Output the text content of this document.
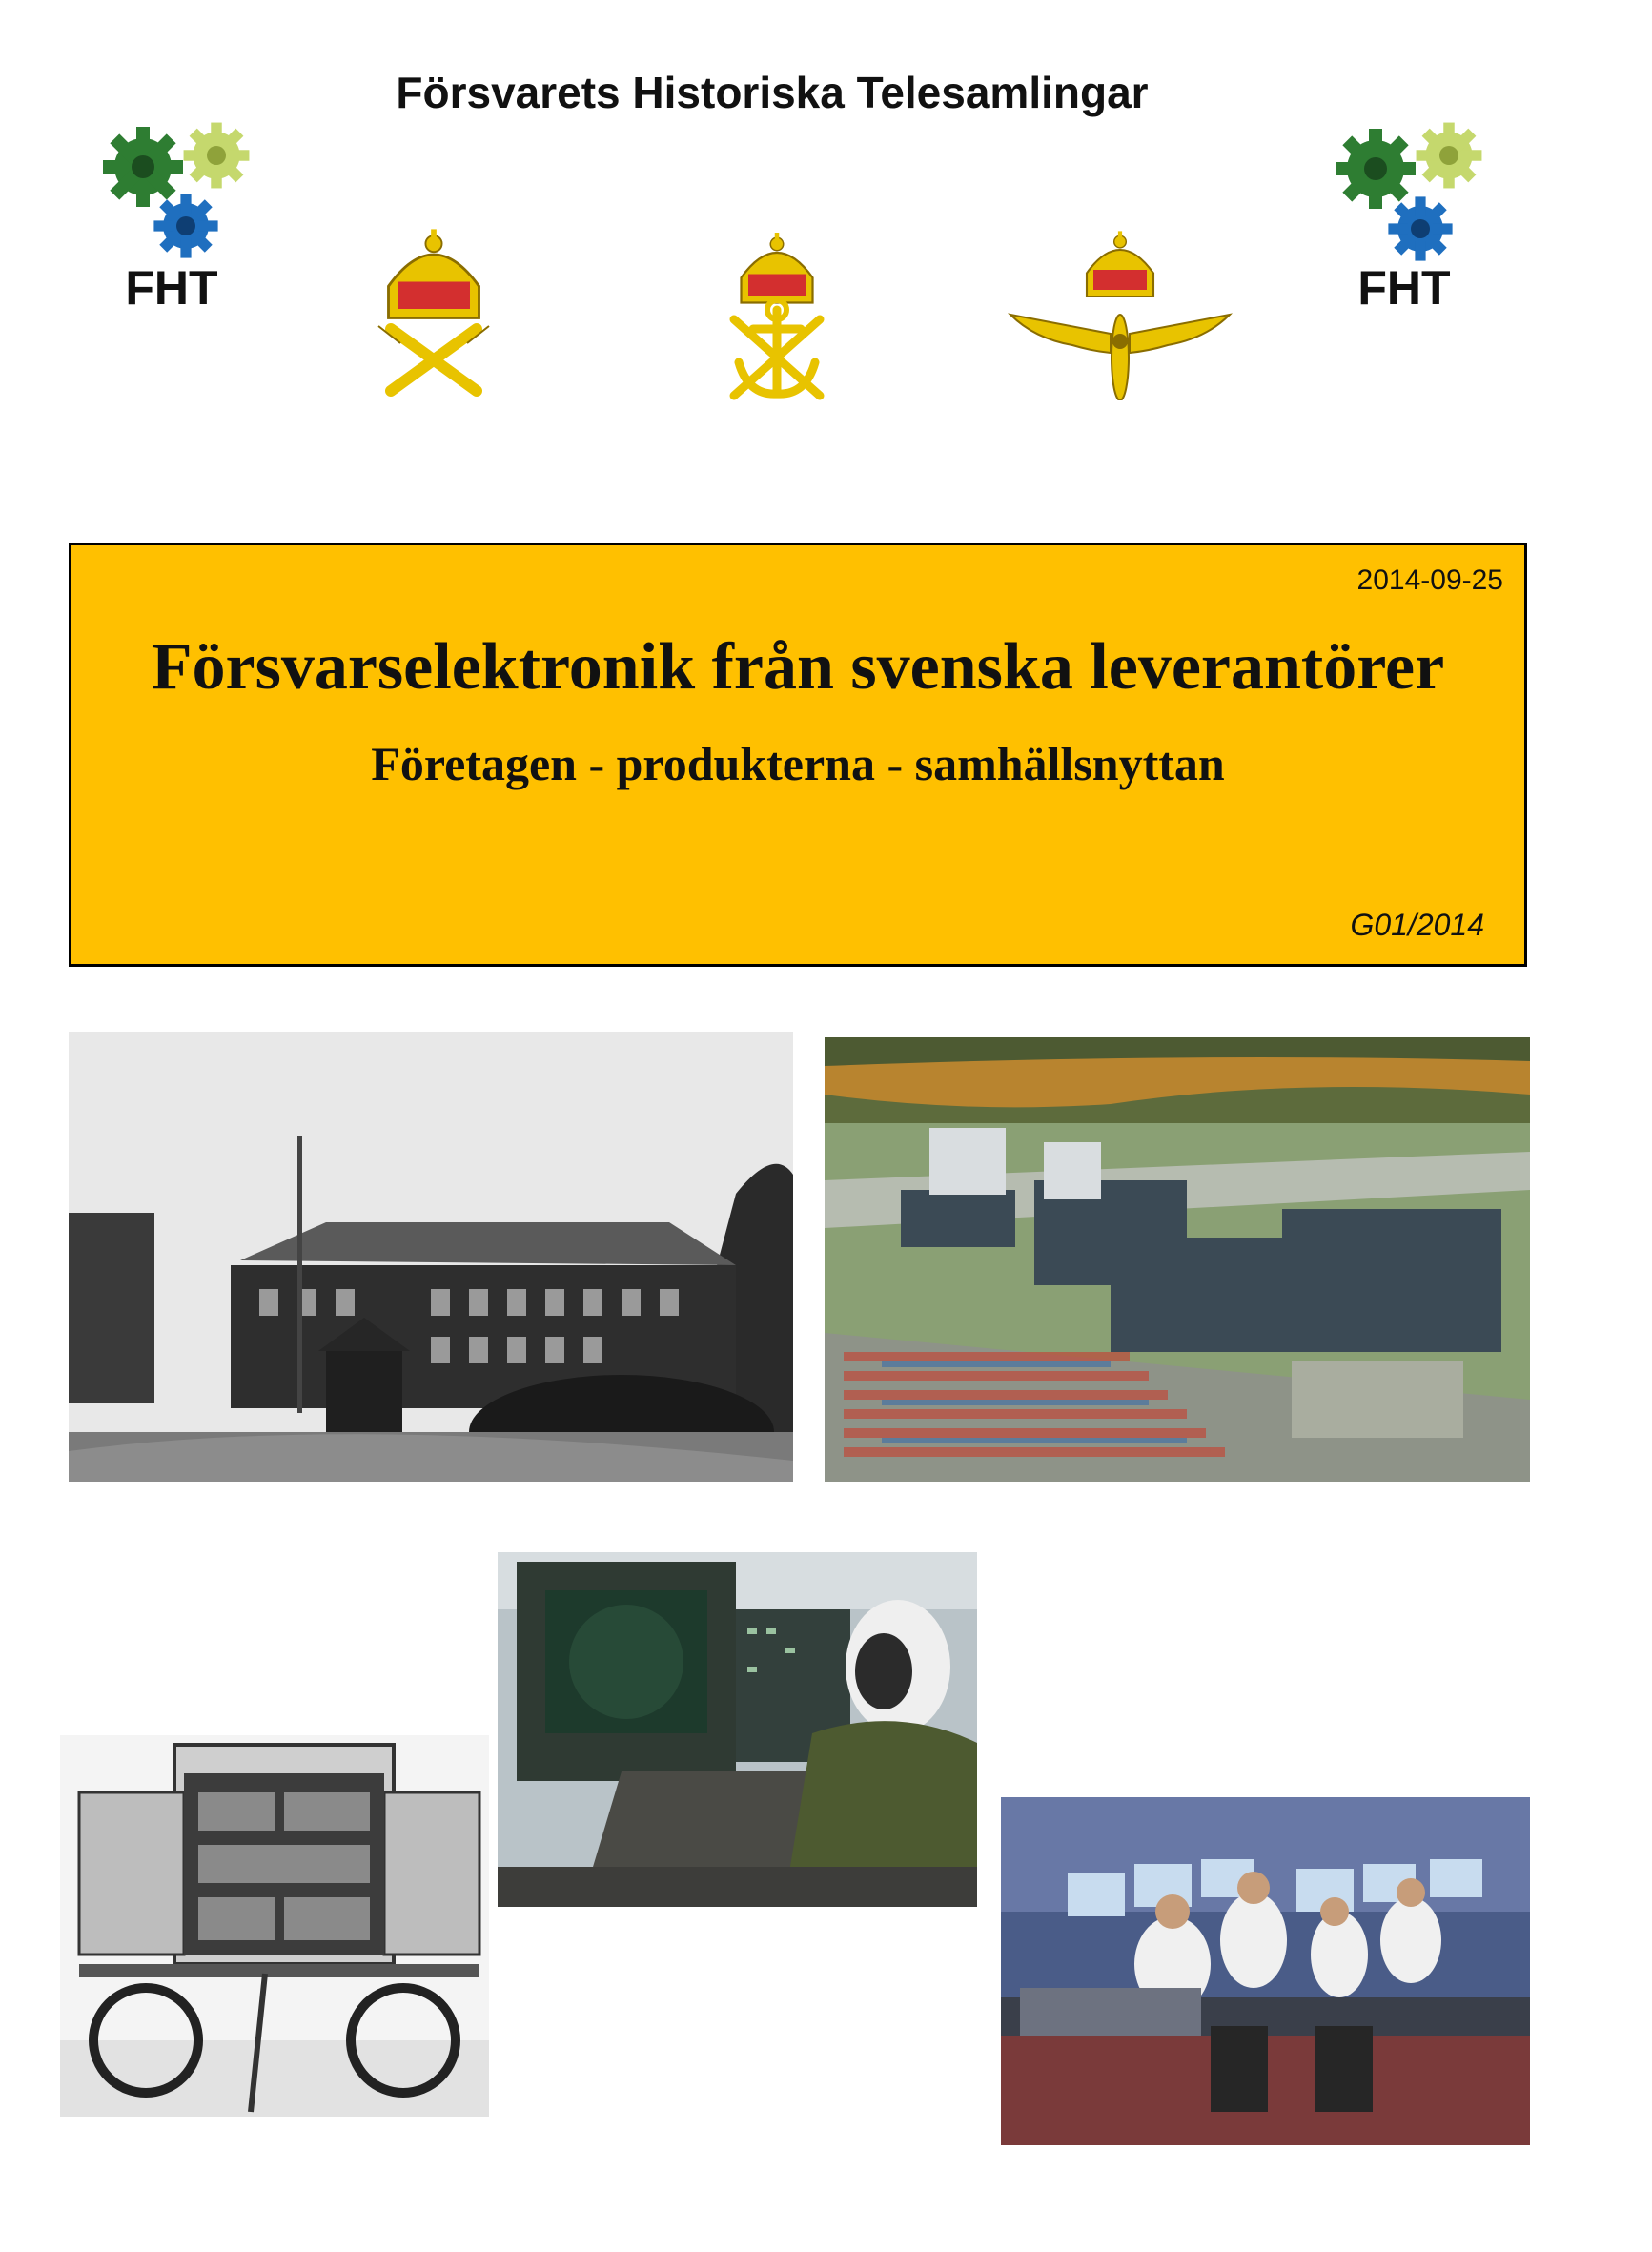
Försvarets Historiska Telesamlingar
FHT	FHT
2014-09-25
Försvarselektronik från svenska leverantörer
Företagen - produkterna - samhällsnyttan
G01/2014
